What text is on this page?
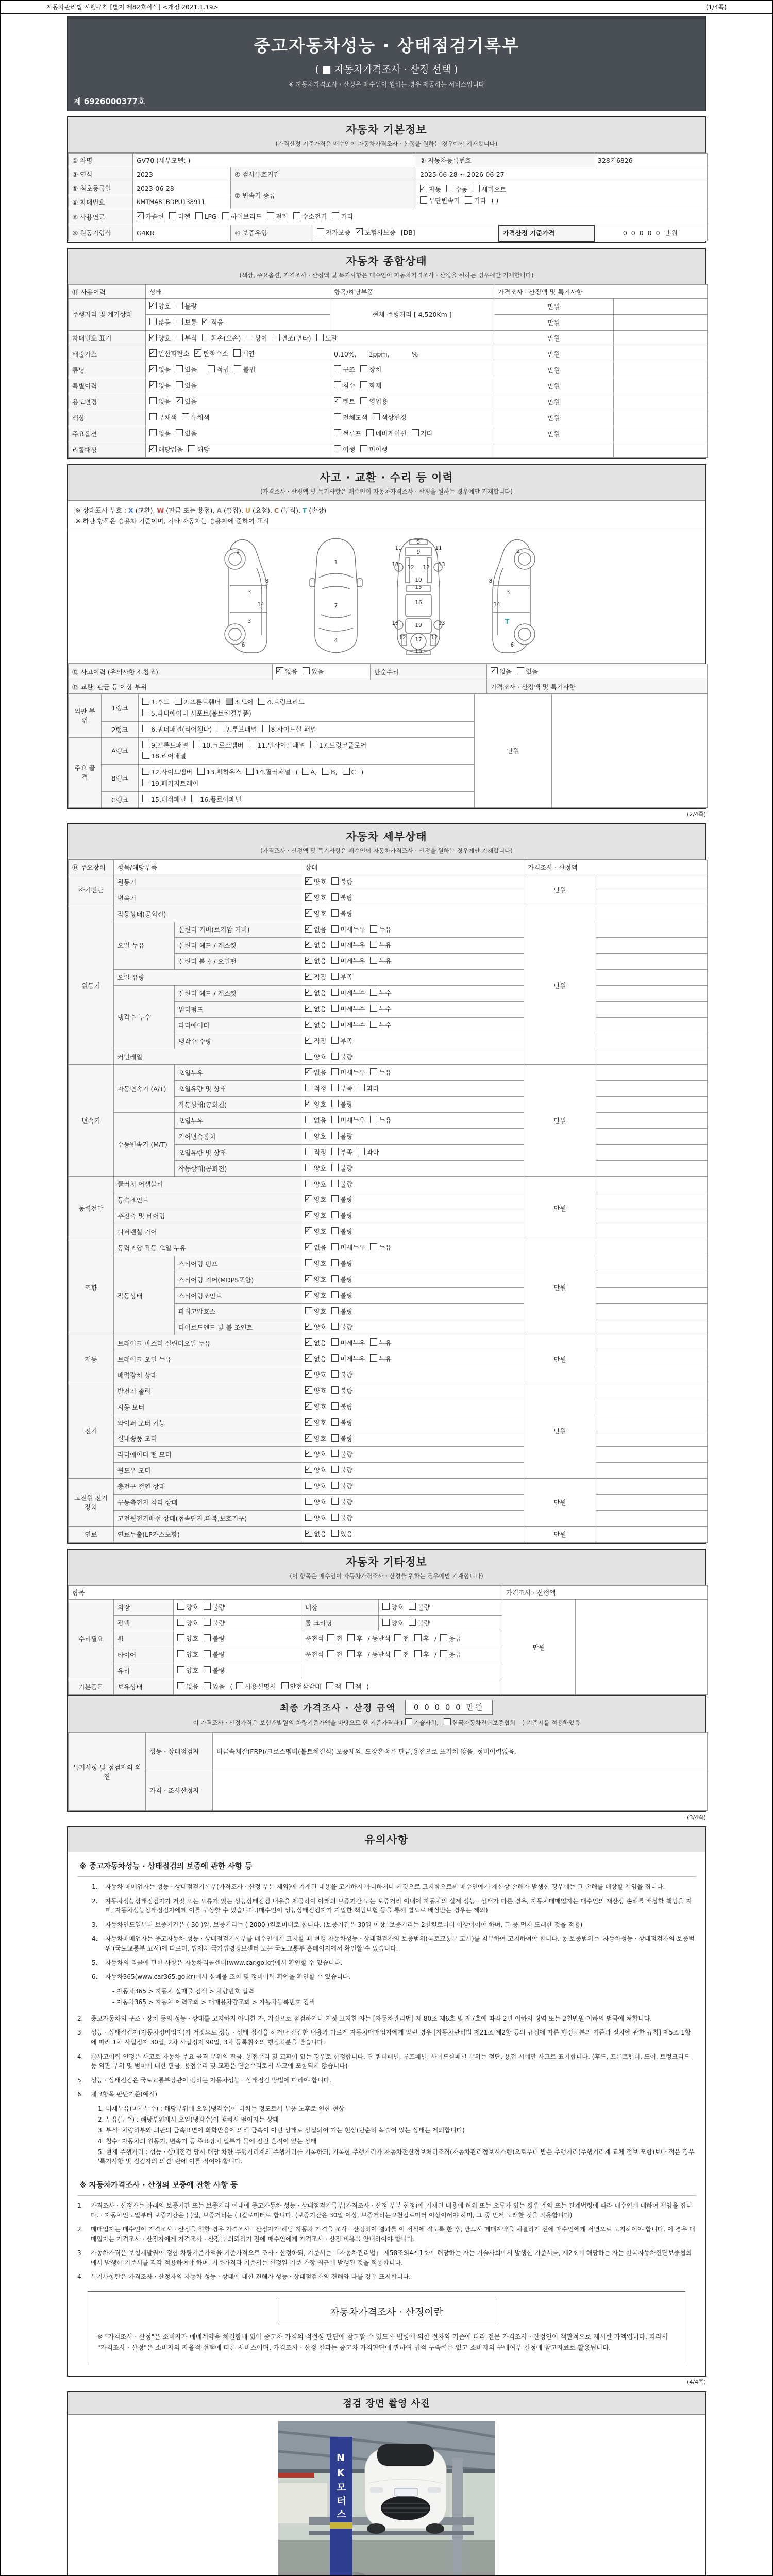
자동차관리법 시행규칙 [별지 제82호서식] <개정 2021.1.19>	(1/4쪽)
중고자동차성능 · 상태점검기록부
( ■ 자동차가격조사 · 산정 선택 )
※ 자동차가격조사 · 산정은 매수인이 원하는 경우 제공하는 서비스입니다
제 6926000377호
자동차 기본정보
(가격산정 기준가격은 매수인이 자동차가격조사 · 산정을 원하는 경우에만 기재합니다)
① 차명	GV70 (세부모델: )			② 자동차등록번호		328거6826
③ 연식	2023	④ 검사유효기간		2025-06-28 ~ 2026-06-27		
⑤ 최초등록일	2023-06-28	⑦ 변속기 종류	✓자동 수동 세미오토
무단변속기 기타 ( )
⑥ 차대번호	KMTMA81BDPU138911					
⑧ 사용연료	✓가솔린 디젤 LPG 하이브리드 전기 수소전기 기타
⑨ 원동기형식	G4KR	⑩ 보증유형	자가보증 ✓ 보험사보증 [DB]		가격산정 기준가격	0 0 0 0 0 만원
자동차 종합상태
(색상, 주요옵션, 가격조사 · 산정액 및 특기사항은 매수인이 자동차가격조사 · 산정을 원하는 경우에만 기재합니다)
⑪ 사용이력	상태	항목/해당부품	가격조사 · 산정액 및 특기사항	
주행거리 및 계기상태	✓양호 불량	현재 주행거리 [ 4,520Km ]	만원	
	많음 보통 ✓ 적음		만원	
차대번호 표기	✓양호 부식 훼손(오손) 상이 변조(변타) 도말		만원	
배출가스	✓일산화탄소 ✓ 탄화수소 매연	0.10%,      1ppm,           %	만원	
튜닝	✓없음 있음 적법 불법	구조 장치	만원	
특별이력	✓없음 있음	침수 화재	만원	
용도변경	없음 ✓ 있음	✓렌트 영업용	만원	
색상	무채색 유채색	전체도색 색상변경	만원	
주요옵션	없음 있음	썬루프 네비게이션 기타	만원	
리콜대상	✓해당없음 해당	이행 미이행		
사고 · 교환 · 수리 등 이력
(가격조사 · 산정액 및 특기사항은 매수인이 자동차가격조사 · 산정을 원하는 경우에만 기재합니다)
※ 상태표시 부호 : X (교환), W (판금 또는 용접), A (흠집), U (요철), C (부식), T (손상)
※ 하단 항목은 승용차 기준이며, 기타 자동차는 승용차에 준하여 표시
2
8
3
14
3
6
1
7
4
5
11
9
11
13 12 12 13
10
15
16
13	19	13
12 17 12
18
2
8
3
14
6
T
⑫ 사고이력 (유의사항 4.참조)	✓없음 있음	단순수리	✓없음 있음
⑬ 교환, 판금 등 이상 부위			가격조사 · 산정액 및 특기사항
외판 부위	1랭크	1.후드 2.프론트휀더 3.도어 4.트렁크리드
5.라디에이터 서포트(볼트체결부품)	만원	
	2랭크	6.쿼더패널(리어휀다) 7.루브패널 8.사이드실 패널		
주요 골격	A랭크	9.프론트패널 10.크로스멤버 11.인사이드패널 17.트렁크플로어
18.리어패널		
	B랭크	12.사이드멤버 13.휠하우스 14.필러패널 ( A, B, C )
19.페키지트레이		
	C랭크	15.대쉬패널 16.플로어패널		
(2/4쪽)
자동차 세부상태
(가격조사 · 산정액 및 특기사항은 매수인이 자동차가격조사 · 산정을 원하는 경우에만 기재합니다)
⑭ 주요장치	항목/해당부품		상태	가격조사 · 산정액	
자기진단	원동기	✓양호 불량	만원	
	변속기	✓양호 불량	
원동기	작동상태(공회전)	✓양호 불량	만원	
	오일 누유	실린더 커버(로커암 커버)	✓없음 미세누유 누유	
		실린더 헤드 / 개스킷	✓없음 미세누유 누유	
		실린더 블록 / 오일팬	✓없음 미세누유 누유	
	오일 유량	✓적정 부족	
	냉각수 누수	실린더 헤드 / 개스킷	✓없음 미세누수 누수	
		워터펌프	✓없음 미세누수 누수	
		라디에이터	✓없음 미세누수 누수	
		냉각수 수량	✓적정 부족	
	커먼레일		양호 불량		
변속기	자동변속기 (A/T)	오일누유	✓없음 미세누유 누유	만원	
		오일유량 및 상태	적정 부족 과다		
		작동상태(공회전)	✓양호 불량	
	수동변속기 (M/T)	오일누유	없음 미세누유 누유		
		기어변속장치	양호 불량		
		오일유량 및 상태	적정 부족 과다		
		작동상태(공회전)	양호 불량		
동력전달	클러치 어셈블리		양호 불량	만원	
	등속죠인트	✓양호 불량	
	추진축 및 베어링	✓양호 불량	
	디퍼렌셜 기어	✓양호 불량	
조향	동력조향 작동 오일 누유	✓없음 미세누유 누유	만원	
	작동상태	스티어링 펌프	양호 불량		
		스티어링 기어(MDPS포함)	✓양호 불량	
		스티어링조인트	✓양호 불량	
		파워고압호스	양호 불량		
		타이로드엔드 및 볼 조인트	✓양호 불량	
제동	브레이크 마스터 실린더오일 누유	✓없음 미세누유 누유	만원	
	브레이크 오일 누유	✓없음 미세누유 누유	
	배력장치 상태	✓양호 불량	
전기	발전기 출력	✓양호 불량	만원	
	시동 모터	✓양호 불량	
	와이퍼 모터 기능	✓양호 불량	
	실내송풍 모터	✓양호 불량	
	라디에이터 팬 모터	✓양호 불량	
	윈도우 모터	✓양호 불량	
고전원 전기장치	충전구 절연 상태		양호 불량	만원	
	구동축전지 격리 상태		양호 불량		
	고전원전기배선 상태(접속단자,피복,보호기구)		양호 불량		
연료	연료누출(LP가스포함)	✓없음 있음	만원	
자동차 기타정보
(이 항목은 매수인이 자동차가격조사 · 산정을 원하는 경우에만 기재합니다)
항목					가격조사 · 산정액	
수리필요	외장	양호 불량	내장	양호 불량	만원	
	광택	양호 불량	룸 크리닝	양호 불량		
	휠	양호 불량	운전석 전 후 / 동반석 전 후 / 응급			
	타이어	양호 불량	운전석 전 후 / 동반석 전 후 / 응급			
	유리	양호 불량				
기본품목	보유상태	없음 있음 ( 사용설명서 안전삼각대 잭 잭 )				
최종 가격조사 · 산정 금액	0 0 0 0 0 만원
이 가격조사 · 산정가격은 보험개발원의 차량기준가액을 바탕으로 한 기준가격과 ( 기술사회, 한국자동차진단보증협회 ) 기준서를 적용하였음
특기사항 및 점검자의 의견	성능 · 상태점검자	비금속재질(FRP)/크로스멤버(볼트체결식) 보증제외. 도장흔적은 판금,용접으로 표기치 않음. 정비이력없음.
	가격 · 조사산정자	
(3/4쪽)
유의사항
※ 중고자동차성능 · 상태점검의 보증에 관한 사항 등
1.	자동차 매매업자는 성능 · 상태점검기록부(가격조사 · 산정 부분 제외)에 기재된 내용을 고지하지 아니하거나 거짓으로 고지함으로써 매수인에게 재산상 손해가 발생한 경우에는 그 손해를 배상할 책임을 집니다.
2.	자동차성능상태점검자가 거짓 또는 오류가 있는 성능상태점검 내용을 제공하여 아래의 보증기간 또는 보증거리 이내에 자동차의 실제 성능 · 상태가 다른 경우, 자동차매매업자는 매수인의 재산상 손해를 배상할 책임을 지며, 자동차성능상태점검자에게 이를 구상할 수 있습니다.(매수인이 성능상태점검자가 가입한 책임보험 등을 통해 별도로 배상받는 경우는 제외)
3.	자동차인도일부터 보증기간은 ( 30 )일, 보증거리는 ( 2000 )킬로미터로 합니다. (보증기간은 30일 이상, 보증거리는 2천킬로미터 이상이어야 하며, 그 중 먼저 도래한 것을 적용)
4.	자동차매매업자는 중고자동차 성능 · 상태점검기록부를 매수인에게 고지할 때 현행 자동차성능 · 상태점검자의 보증범위(국토교통부 고시)를 첨부하여 고지하여야 합니다. 동 보증범위는 '자동차성능 · 상태점검자의 보증범위'(국토교통부 고시)에 따르며, 법제처 국가법령정보센터 또는 국토교통부 홈페이지에서 확인할 수 있습니다.
5.	자동차의 리콜에 관한 사항은 자동차리콜센터(www.car.go.kr)에서 확인할 수 있습니다.
6.	자동차365(www.car365.go.kr)에서 실매물 조회 및 정비이력 확인을 확인할 수 있습니다.
- 자동차365 > 자동차 실매물 검색 > 차량번호 입력
- 자동차365 > 자동차 이력조회 > 매매용차량조회 > 자동차등록번호 검색
2.	중고자동차의 구조 · 장치 등의 성능 · 상태를 고지하지 아니한 자, 거짓으로 점검하거나 거짓 고지한 자는 [자동차관리법] 제 80조 제6호 및 제7호에 따라 2년 이하의 징역 또는 2천만원 이하의 벌금에 처합니다.
3.	성능 · 상태점검자(자동차정비업자)가 거짓으로 성능 · 상태 점검을 하거나 점검한 내용과 다르게 자동차매매업자에게 알린 경우 [자동차관리법 제21조 제2항 등의 규정에 따른 행정처분의 기준과 절차에 관한 규칙] 제5조 1항에 따라 1차 사업정지 30일, 2차 사업정지 90일, 3차 등록취소의 행정처분을 받습니다.
4.	⑫사고이력 인정은 사고로 자동차 주요 골격 부위의 판금, 용접수리 및 교환이 있는 경우로 한정합니다. 단 쿼터패널, 루프패널, 사이드실패널 부위는 절단, 용접 시에만 사고로 표기합니다. (후드, 프론트펜더, 도어, 트렁크리드 등 외판 부위 및 범퍼에 대한 판금, 용접수리 및 교환은 단순수리로서 사고에 포함되지 않습니다)
5.	성능 · 상태점검은 국토교통부장관이 정하는 자동차성능 · 상태점검 방법에 따라야 합니다.
6.	체크항목 판단기준(예시)
1. 미세누유(미세누수) : 해당부위에 오일(냉각수)이 비치는 정도로서 부품 노후로 인한 현상
2. 누유(누수) : 해당부위에서 오일(냉각수)이 맺혀서 떨어지는 상태
3. 부식: 차량하부와 외판의 금속표면이 화학반응에 의해 금속이 아닌 상태로 상실되어 가는 현상(단순히 녹슬어 있는 상태는 제외합니다)
4. 침수: 자동차의 원동기, 변속기 등 주요장치 일부가 물에 잠긴 흔적이 있는 상태
5. 현재 주행거리 : 성능 · 상태점검 당시 해당 차량 주행거리계의 주행거리를 기록하되, 기록한 주행거리가 자동차전산정보처리조직(자동차관리정보시스템)으로부터 받은 주행거리(주행거리계 교체 정보 포함)보다 적은 경우 '특기사항 및 점검자의 의견' 란에 이를 적어야 합니다.
※ 자동차가격조사 · 산정의 보증에 관한 사항 등
1.	가격조사 · 산정자는 아래의 보증기간 또는 보증거리 이내에 중고자동차 성능 · 상태점검기록부(가격조사 · 산정 부분 한정)에 기재된 내용에 허위 또는 오류가 있는 경우 계약 또는 관계법령에 따라 매수인에 대하여 책임을 집니다. · 자동차인도일부터 보증기간은 ( )일, 보증거리는 ( )킬로미터로 합니다. (보증기간은 30일 이상, 보증거리는 2천킬로미터 이상이어야 하며, 그 중 먼저 도래한 것을 적용합니다)
2.	매매업자는 매수인이 가격조사 · 산정을 원할 경우 가격조사 · 산정자가 해당 자동차 가격을 조사 · 산정하여 결과를 이 서식에 적도록 한 후, 반드시 매매계약을 체결하기 전에 매수인에게 서면으로 고지하여야 합니다. 이 경우 매매업자는 가격조사 · 산정자에게 가격조사 · 산정을 의뢰하기 전에 매수인에게 가격조사 · 산정 비용을 안내하여야 합니다.
3.	자동차가격은 보험개발원이 정한 차량기준가액을 기준가격으로 조사 · 산정하되, 기준서는 「자동차관리법」 제58조의4제1호에 해당하는 자는 기술사회에서 발행한 기준서를, 제2호에 해당하는 자는 한국자동차진단보증협회에서 발행한 기준서를 각각 적용하여야 하며, 기준가격과 기준서는 산정일 기준 가장 최근에 발행된 것을 적용합니다.
4.	특기사항란은 가격조사 · 산정자의 자동차 성능 · 상태에 대한 견해가 성능 · 상태점검자의 견해와 다를 경우 표시합니다.
자동차가격조사 · 산정이란
※ "가격조사 · 산정"은 소비자가 매매계약을 체결함에 있어 중고차 가격의 적절성 판단에 참고할 수 있도록 법령에 의한 절차와 기준에 따라 전문 가격조사 · 산정인이 객관적으로 제시한 가액입니다. 따라서 "가격조사 · 산정"은 소비자의 자율적 선택에 따른 서비스이며, 가격조사 · 산정 결과는 중고차 가격판단에 관하여 법적 구속력은 없고 소비자의 구매여부 결정에 참고자료로 활용됩니다.
(4/4쪽)
점검 장면 촬영 사진
NK모터스
